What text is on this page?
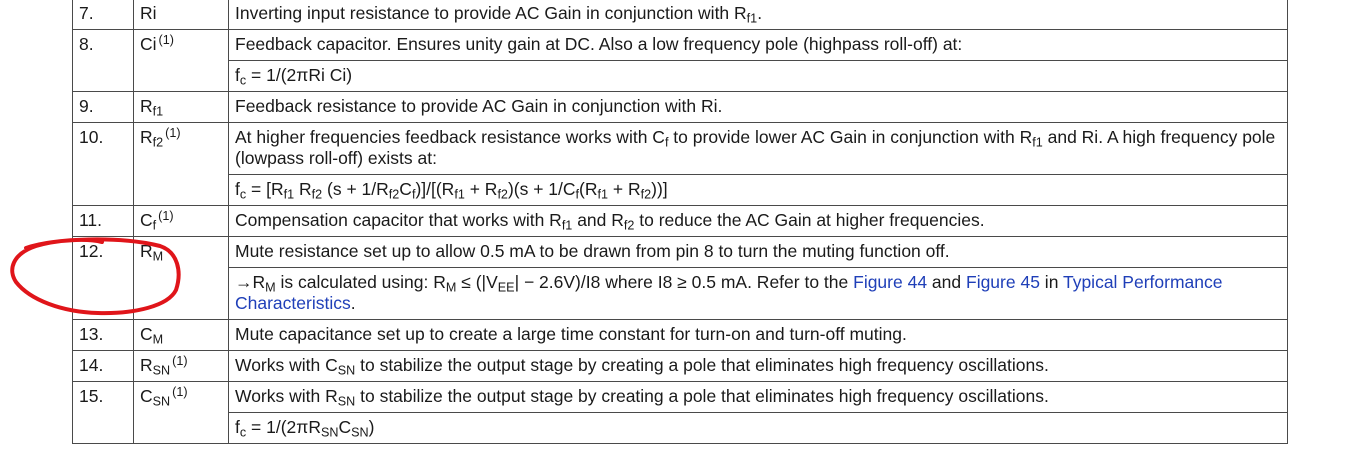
7.	Ri	Inverting input resistance to provide AC Gain in conjunction with $R_{f1}$.
8.	Ci $^{(1)}$	Feedback capacitor. Ensures unity gain at DC. Also a low frequency pole (highpass roll-off) at:
		$f_c = 1/(2\pi Ri$ Ci)
9.	$R_{f1}$	Feedback resistance to provide AC Gain in conjunction with Ri.
10.	$R_{f2}^{(1)}$	At higher frequencies feedback resistance works with $C_f$ to provide lower AC Gain in conjunction with $R_{f1}$ and Ri. A high frequency pole (lowpass roll-off) exists at:
		$f_c = [R_{f1}$ $R_{f2}$ $(s + 1/R_{f2}C_f)]/[(R_{f1} + R_{f2})(s + 1/C_f(R_{f1} + R_{f2}))]$
11.	$C_f^{(1)}$	Compensation capacitor that works with $R_{f1}$ and $R_{f2}$ to reduce the AC Gain at higher frequencies.
12.	$R_M$	Mute resistance set up to allow 0.5 mA to be drawn from pin 8 to turn the muting function off.
		$\to R_M$ is calculated using: $R_M \le (|V_{EE}| - 2.6V)/I8$ where I8 ≥ 0.5 mA. Refer to the Figure 44 and Figure 45 in Typical Performance Characteristics.
13.	$C_M$	Mute capacitance set up to create a large time constant for turn-on and turn-off muting.
14.	$R_{SN}^{(1)}$	Works with $C_{SN}$ to stabilize the output stage by creating a pole that eliminates high frequency oscillations.
15.	$C_{SN}^{(1)}$	Works with $R_{SN}$ to stabilize the output stage by creating a pole that eliminates high frequency oscillations.
		$f_c = 1/(2\pi R_{SN}C_{SN})$
